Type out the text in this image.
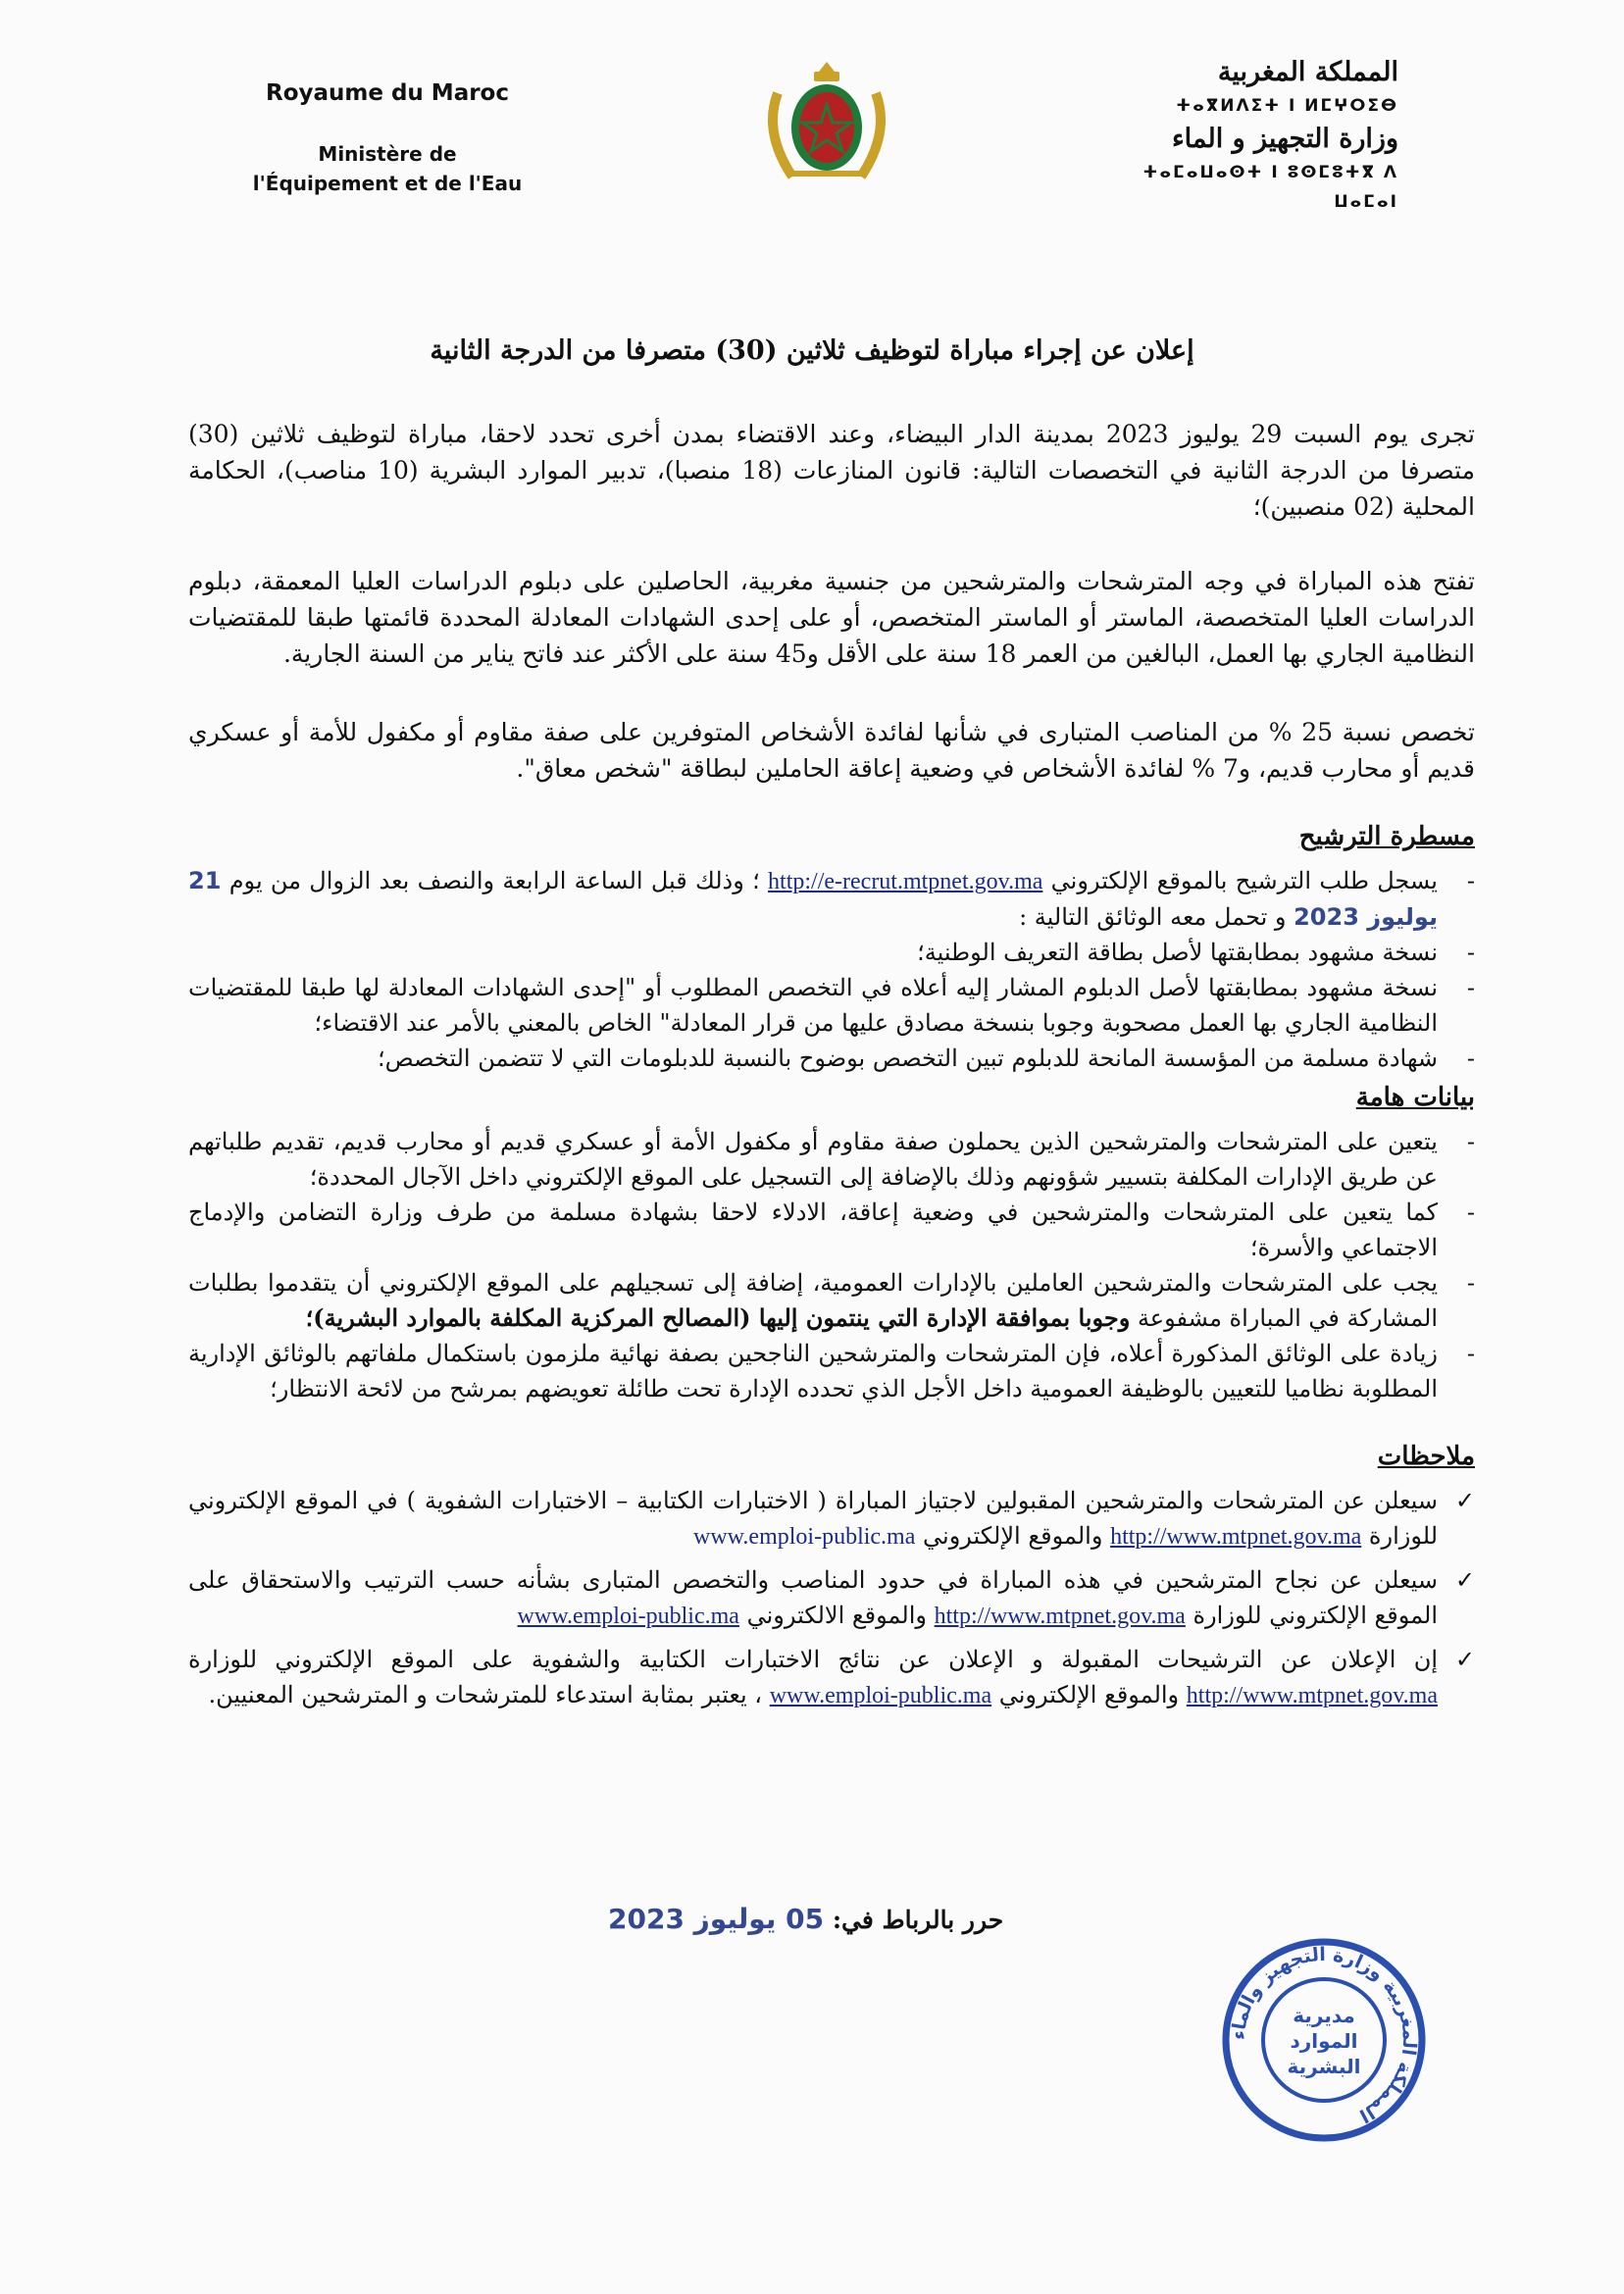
Royaume du Maroc
Ministère de
l'Équipement et de l'Eau
المملكة المغربية
ⵜⴰⴳⵍⴷⵉⵜ ⵏ ⵍⵎⵖⵔⵉⴱ
وزارة التجهيز و الماء
ⵜⴰⵎⴰⵡⴰⵙⵜ ⵏ ⵓⵙⵎⵓⵜⴳ ⴷ ⵡⴰⵎⴰⵏ
إعلان عن إجراء مباراة لتوظيف ثلاثين (30) متصرفا من الدرجة الثانية
تجرى يوم السبت 29 يوليوز 2023 بمدينة الدار البيضاء، وعند الاقتضاء بمدن أخرى تحدد لاحقا، مباراة لتوظيف ثلاثين (30) متصرفا من الدرجة الثانية في التخصصات التالية: قانون المنازعات (18 منصبا)، تدبير الموارد البشرية (10 مناصب)، الحكامة المحلية (02 منصبين)؛
تفتح هذه المباراة في وجه المترشحات والمترشحين من جنسية مغربية، الحاصلين على دبلوم الدراسات العليا المعمقة، دبلوم الدراسات العليا المتخصصة، الماستر أو الماستر المتخصص، أو على إحدى الشهادات المعادلة المحددة قائمتها طبقا للمقتضيات النظامية الجاري بها العمل، البالغين من العمر 18 سنة على الأقل و45 سنة على الأكثر عند فاتح يناير من السنة الجارية.
تخصص نسبة 25 % من المناصب المتبارى في شأنها لفائدة الأشخاص المتوفرين على صفة مقاوم أو مكفول للأمة أو عسكري قديم أو محارب قديم، و7 % لفائدة الأشخاص في وضعية إعاقة الحاملين لبطاقة "شخص معاق".
مسطرة الترشيح
-
يسجل طلب الترشيح بالموقع الإلكتروني http://e-recrut.mtpnet.gov.ma ؛ وذلك قبل الساعة الرابعة والنصف بعد الزوال من يوم 21 يوليوز 2023 و تحمل معه الوثائق التالية :
-
نسخة مشهود بمطابقتها لأصل بطاقة التعريف الوطنية؛
-
نسخة مشهود بمطابقتها لأصل الدبلوم المشار إليه أعلاه في التخصص المطلوب أو "إحدى الشهادات المعادلة لها طبقا للمقتضيات النظامية الجاري بها العمل مصحوبة وجوبا بنسخة مصادق عليها من قرار المعادلة" الخاص بالمعني بالأمر عند الاقتضاء؛
-
شهادة مسلمة من المؤسسة المانحة للدبلوم تبين التخصص بوضوح بالنسبة للدبلومات التي لا تتضمن التخصص؛
بيانات هامة
-
يتعين على المترشحات والمترشحين الذين يحملون صفة مقاوم أو مكفول الأمة أو عسكري قديم أو محارب قديم، تقديم طلباتهم عن طريق الإدارات المكلفة بتسيير شؤونهم وذلك بالإضافة إلى التسجيل على الموقع الإلكتروني داخل الآجال المحددة؛
-
كما يتعين على المترشحات والمترشحين في وضعية إعاقة، الادلاء لاحقا بشهادة مسلمة من طرف وزارة التضامن والإدماج الاجتماعي والأسرة؛
-
يجب على المترشحات والمترشحين العاملين بالإدارات العمومية، إضافة إلى تسجيلهم على الموقع الإلكتروني أن يتقدموا بطلبات المشاركة في المباراة مشفوعة وجوبا بموافقة الإدارة التي ينتمون إليها (المصالح المركزية المكلفة بالموارد البشرية)؛
-
زيادة على الوثائق المذكورة أعلاه، فإن المترشحات والمترشحين الناجحين بصفة نهائية ملزمون باستكمال ملفاتهم بالوثائق الإدارية المطلوبة نظاميا للتعيين بالوظيفة العمومية داخل الأجل الذي تحدده الإدارة تحت طائلة تعويضهم بمرشح من لائحة الانتظار؛
ملاحظات
✓
سيعلن عن المترشحات والمترشحين المقبولين لاجتياز المباراة ( الاختبارات الكتابية – الاختبارات الشفوية ) في الموقع الإلكتروني للوزارة http://www.mtpnet.gov.ma والموقع الإلكتروني www.emploi-public.ma
✓
سيعلن عن نجاح المترشحين في هذه المباراة في حدود المناصب والتخصص المتبارى بشأنه حسب الترتيب والاستحقاق على الموقع الإلكتروني للوزارة http://www.mtpnet.gov.ma والموقع الالكتروني www.emploi-public.ma
✓
إن الإعلان عن الترشيحات المقبولة و الإعلان عن نتائج الاختبارات الكتابية والشفوية على الموقع الإلكتروني للوزارة http://www.mtpnet.gov.ma والموقع الإلكتروني www.emploi-public.ma ، يعتبر بمثابة استدعاء للمترشحات و المترشحين المعنيين.
حرر بالرباط في: 05 يوليوز 2023
المملكة المغربية وزارة التجهيز والماء
مديرية
الموارد
البشرية
